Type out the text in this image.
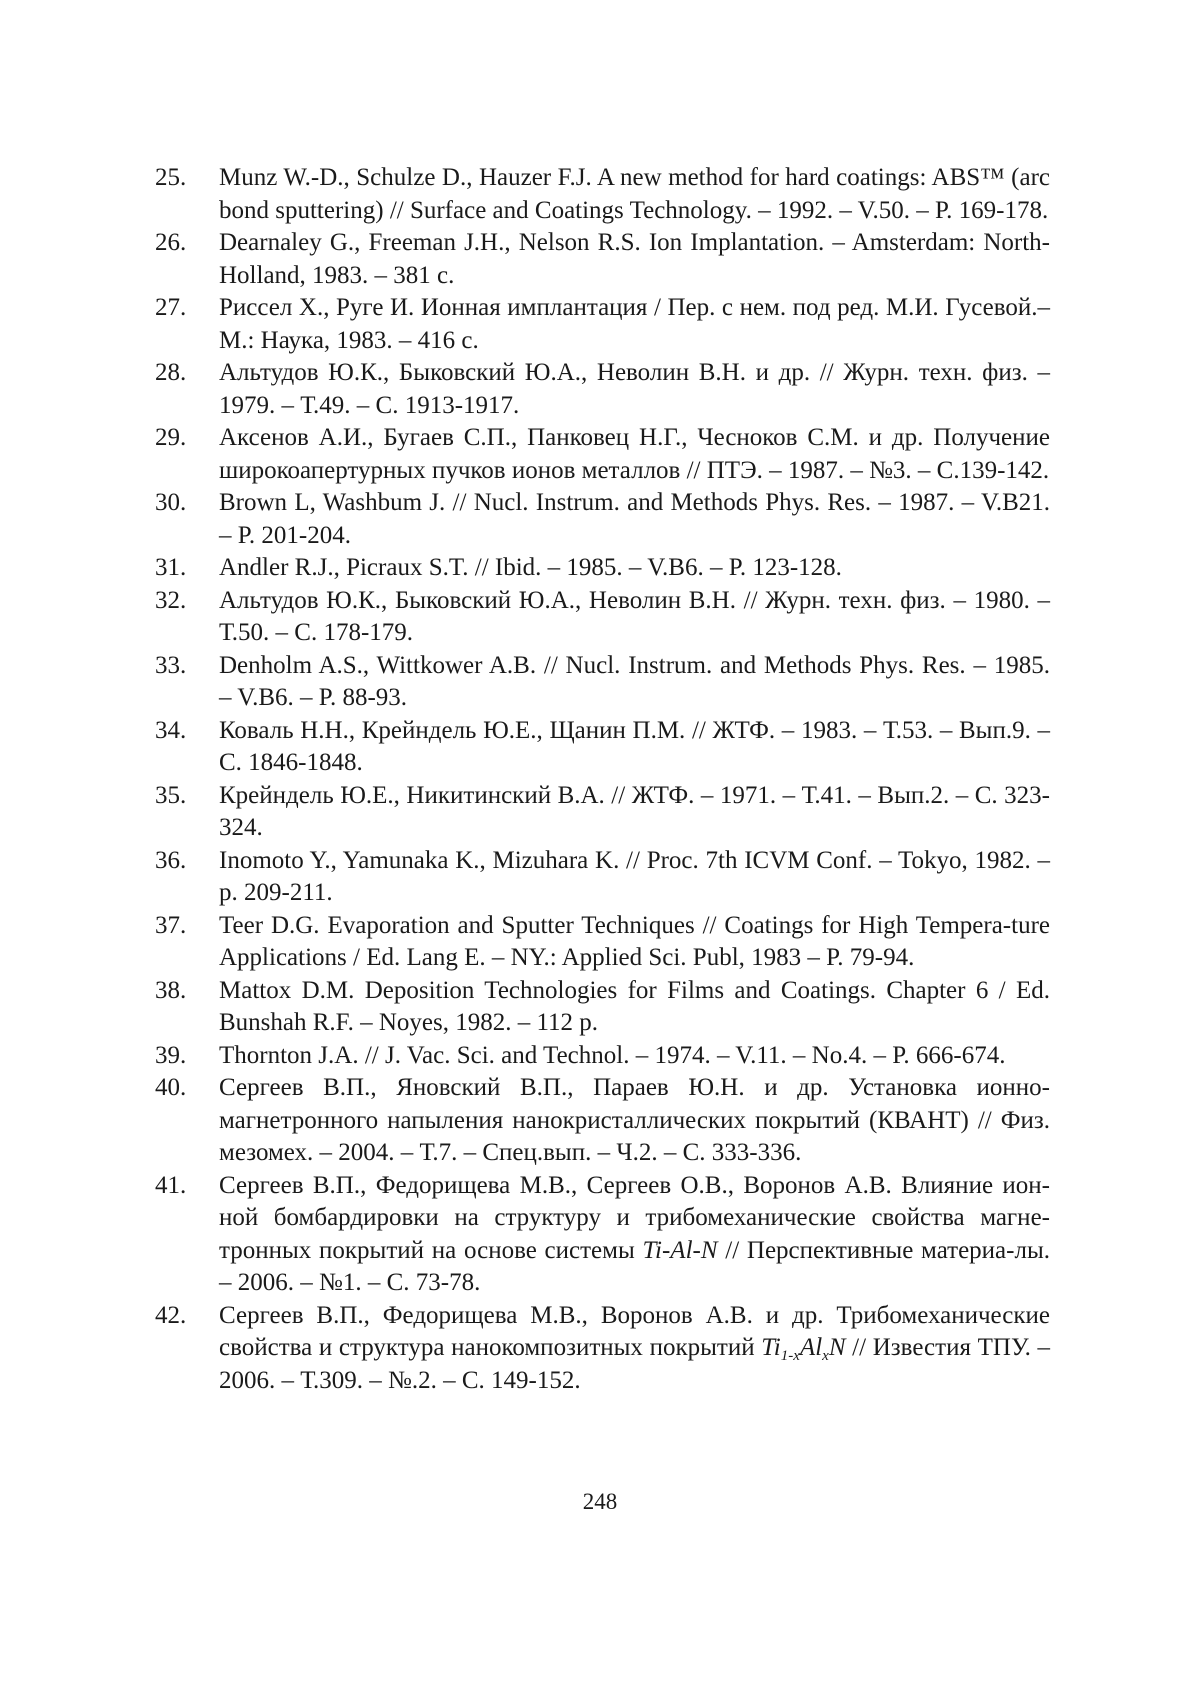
25.	Munz W.-D., Schulze D., Hauzer F.J. A new method for hard coatings: ABS™ (arc bond sputtering) // Surface and Coatings Technology. – 1992. – V.50. – P. 169-178.
26.	Dearnaley G., Freeman J.H., Nelson R.S. Ion Implantation. – Amsterdam: North-Holland, 1983. – 381 c.
27.	Риссел Х., Руге И. Ионная имплантация / Пер. с нем. под ред. М.И. Гусевой.– М.: Наука, 1983. – 416 с.
28.	Альтудов Ю.К., Быковский Ю.А., Неволин В.Н. и др. // Журн. техн. физ. – 1979. – Т.49. – С. 1913-1917.
29.	Аксенов А.И., Бугаев С.П., Панковец Н.Г., Чесноков С.М. и др. Получение широкоапертурных пучков ионов металлов // ПТЭ. – 1987. – №3. – С.139-142.
30.	Brown L, Washbum J. // Nucl. Instrum. and Methods Phys. Res. – 1987. – V.B21. – P. 201-204.
31.	Andler R.J., Picraux S.T. // Ibid. – 1985. – V.B6. – P. 123-128.
32.	Альтудов Ю.К., Быковский Ю.А., Неволин В.Н. // Журн. техн. физ. – 1980. – Т.50. – С. 178-179.
33.	Denholm A.S., Wittkower A.B. // Nucl. Instrum. and Methods Phys. Res. – 1985. – V.B6. – P. 88-93.
34.	Коваль Н.Н., Крейндель Ю.Е., Щанин П.М. // ЖТФ. – 1983. – Т.53. – Вып.9. – С. 1846-1848.
35.	Крейндель Ю.Е., Никитинский В.А. // ЖТФ. – 1971. – Т.41. – Вып.2. – С. 323-324.
36.	Inomoto Y., Yamunaka K., Mizuhara K. // Proc. 7th ICVM Conf. – Tokyo, 1982. – p. 209-211.
37.	Teer D.G. Evaporation and Sputter Techniques // Coatings for High Tempera-ture Applications / Ed. Lang E. – NY.: Applied Sci. Publ, 1983 – P. 79-94.
38.	Mattox D.M. Deposition Technologies for Films and Coatings. Chapter 6 / Ed. Bunshah R.F. – Noyes, 1982. – 112 p.
39.	Thornton J.A. // J. Vac. Sci. and Technol. – 1974. – V.11. – No.4. – P. 666-674.
40.	Сергеев В.П., Яновский В.П., Параев Ю.Н. и др. Установка ионно-магнетронного напыления нанокристаллических покрытий (КВАНТ) // Физ. мезомех. – 2004. – Т.7. – Спец.вып. – Ч.2. – С. 333-336.
41.	Сергеев В.П., Федорищева М.В., Сергеев О.В., Воронов А.В. Влияние ион-ной бомбардировки на структуру и трибомеханические свойства магне-тронных покрытий на основе системы Ti-Al-N // Перспективные материа-лы. – 2006. – №1. – С. 73-78.
42.	Сергеев В.П., Федорищева М.В., Воронов А.В. и др. Трибомеханические свойства и структура нанокомпозитных покрытий $Ti_{1-x}Al_xN$ // Известия ТПУ. – 2006. – Т.309. – №.2. – С. 149-152.
248
